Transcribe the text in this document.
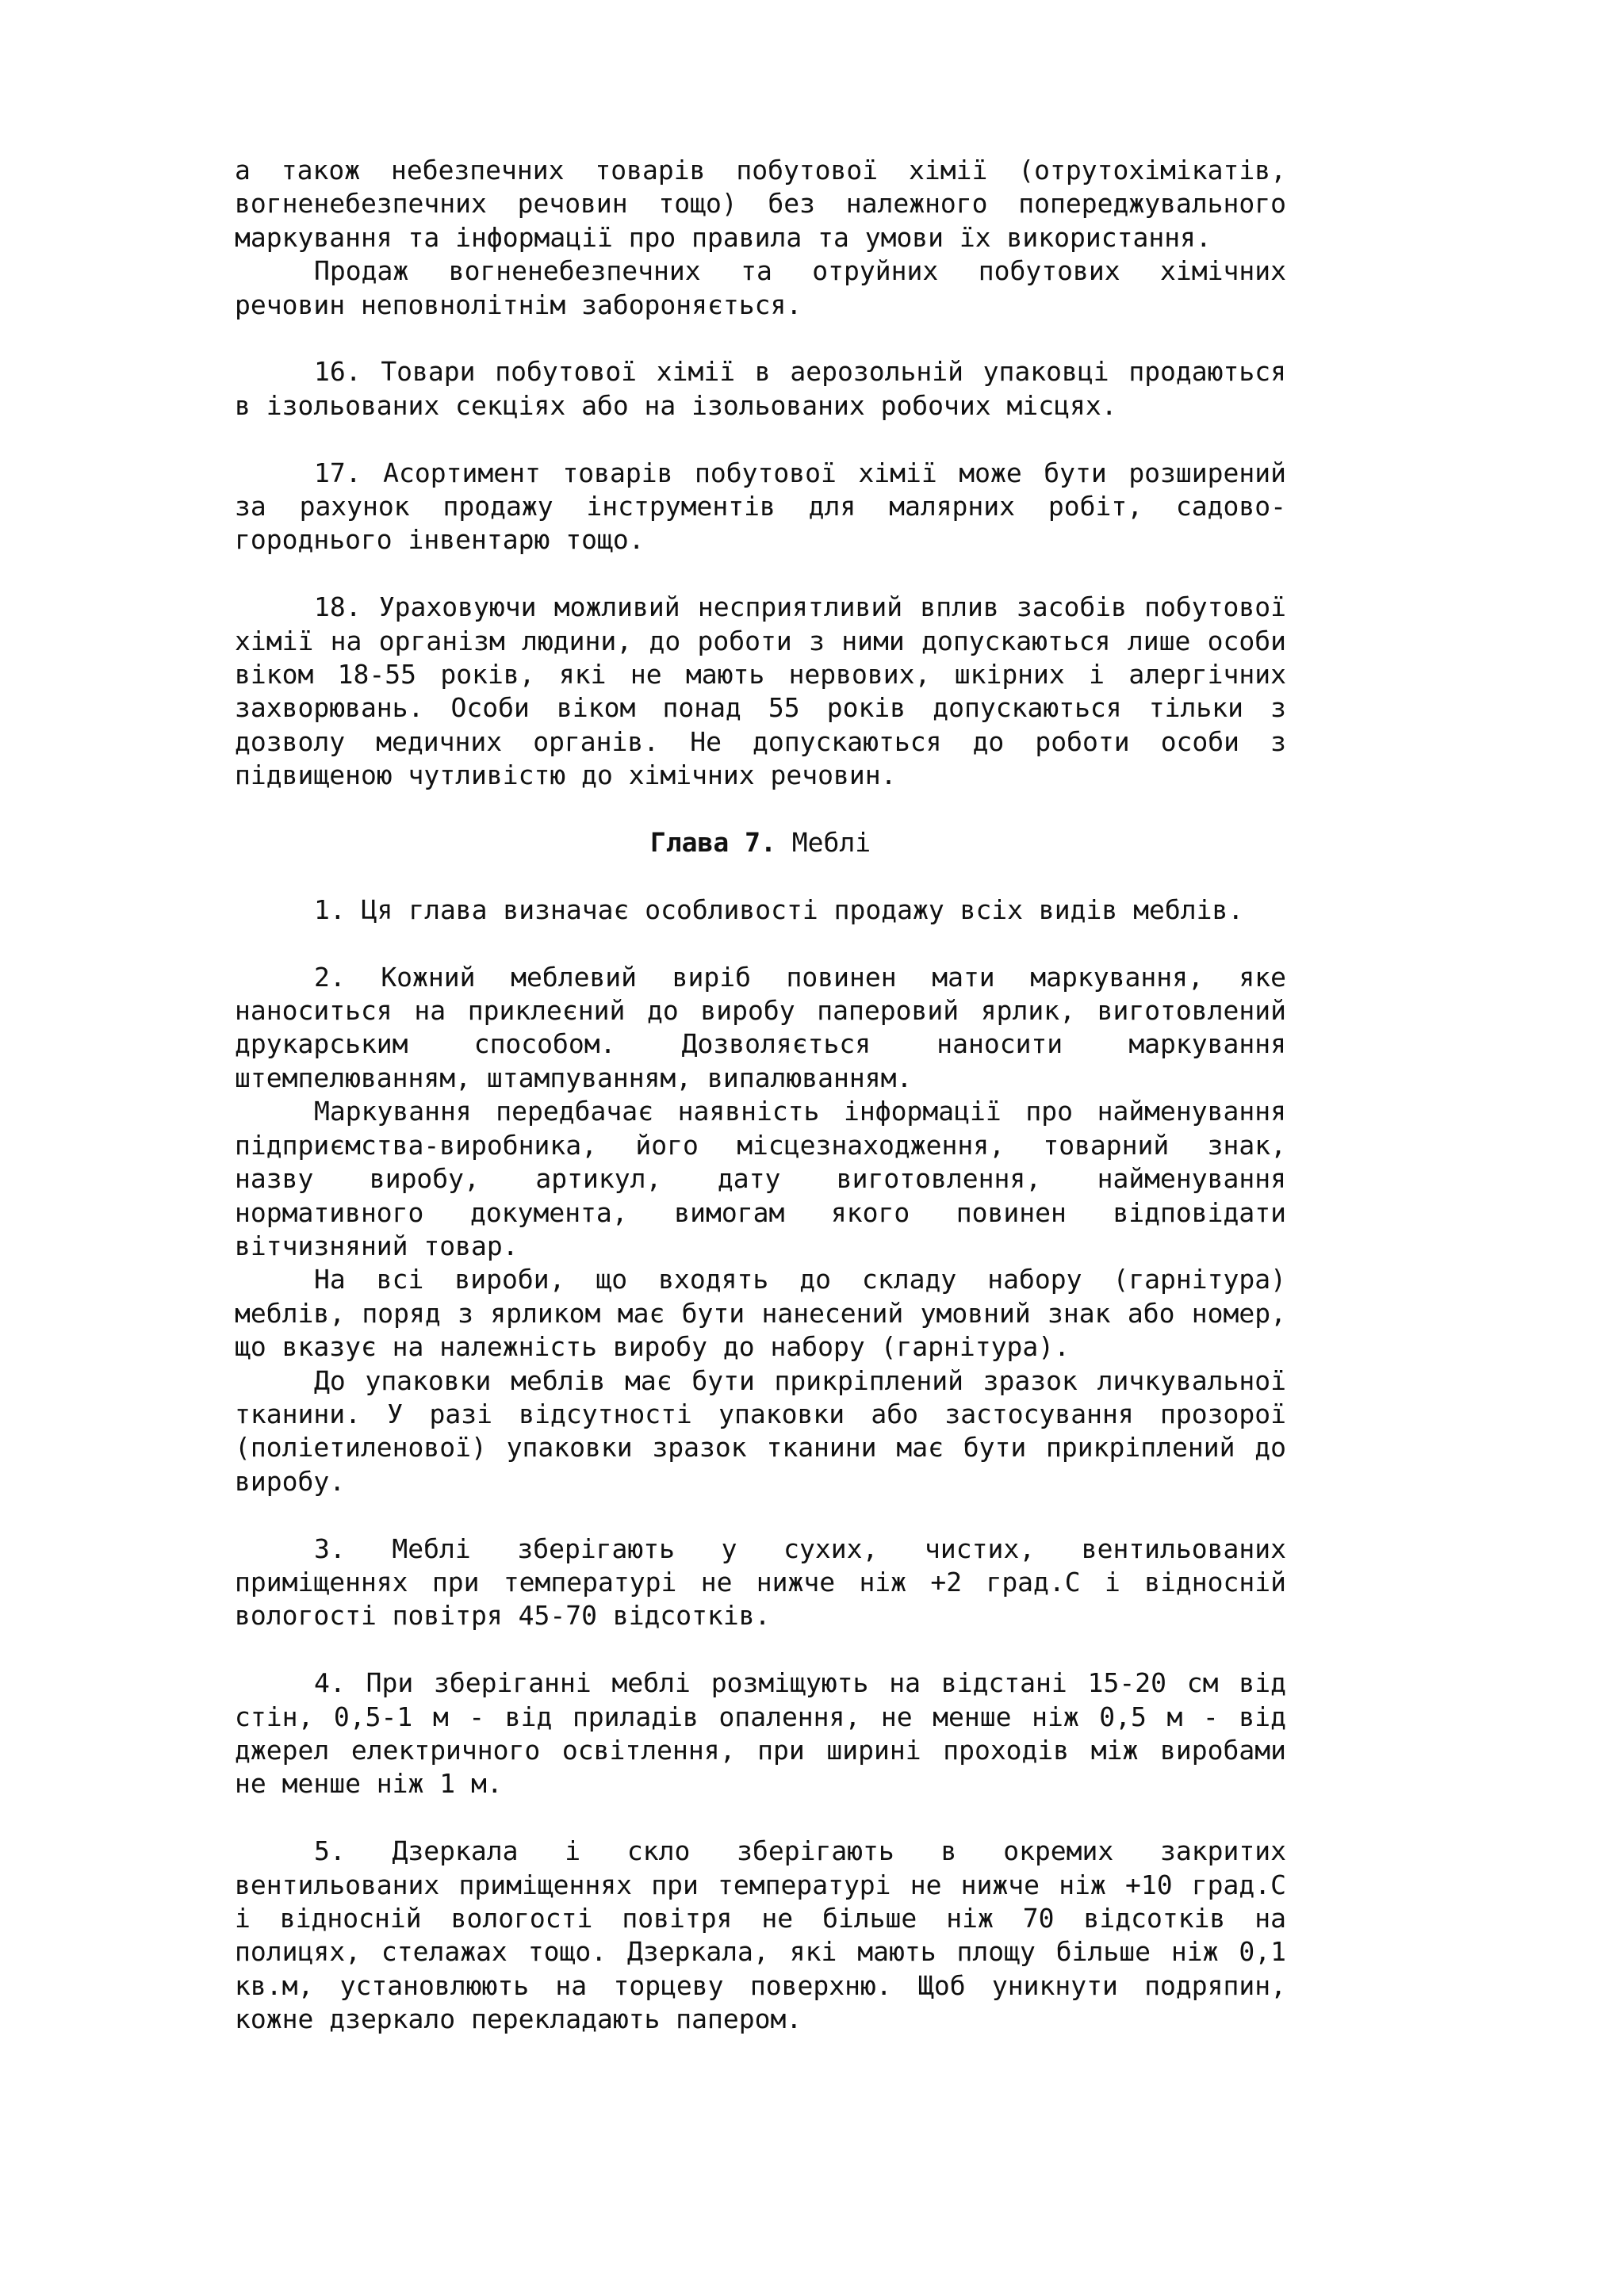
а також небезпечних товарів побутової хімії (отрутохімікатів, вогненебезпечних речовин тощо) без належного попереджувального маркування та інформації про правила та умови їх використання.

Продаж вогненебезпечних та отруйних побутових хімічних речовин неповнолітнім забороняється.

16. Товари побутової хімії в аерозольній упаковці продаються в ізольованих секціях або на ізольованих робочих місцях.

17. Асортимент товарів побутової хімії може бути розширений за рахунок продажу інструментів для малярних робіт, садово-городнього інвентарю тощо.

18. Ураховуючи можливий несприятливий вплив засобів побутової хімії на організм людини, до роботи з ними допускаються лише особи віком 18-55 років, які не мають нервових, шкірних і алергічних захворювань. Особи віком понад 55 років допускаються тільки з дозволу медичних органів. Не допускаються до роботи особи з підвищеною чутливістю до хімічних речовин.

Глава 7. Меблі

1. Ця глава визначає особливості продажу всіх видів меблів.

2. Кожний меблевий виріб повинен мати маркування, яке наноситься на приклеєний до виробу паперовий ярлик, виготовлений друкарським способом. Дозволяється наносити маркування штемпелюванням, штампуванням, випалюванням.

Маркування передбачає наявність інформації про найменування підприємства-виробника, його місцезнаходження, товарний знак, назву виробу, артикул, дату виготовлення, найменування нормативного документа, вимогам якого повинен відповідати вітчизняний товар.

На всі вироби, що входять до складу набору (гарнітура) меблів, поряд з ярликом має бути нанесений умовний знак або номер, що вказує на належність виробу до набору (гарнітура).

До упаковки меблів має бути прикріплений зразок личкувальної тканини. У разі відсутності упаковки або застосування прозорої (поліетиленової) упаковки зразок тканини має бути прикріплений до виробу.

3. Меблі зберігають у сухих, чистих, вентильованих приміщеннях при температурі не нижче ніж +2 град.С і відносній вологості повітря 45-70 відсотків.

4. При зберіганні меблі розміщують на відстані 15-20 см від стін, 0,5-1 м - від приладів опалення, не менше ніж 0,5 м - від джерел електричного освітлення, при ширині проходів між виробами не менше ніж 1 м.

5. Дзеркала і скло зберігають в окремих закритих вентильованих приміщеннях при температурі не нижче ніж +10 град.С і відносній вологості повітря не більше ніж 70 відсотків на полицях, стелажах тощо. Дзеркала, які мають площу більше ніж 0,1 кв.м, установлюють на торцеву поверхню. Щоб уникнути подряпин, кожне дзеркало перекладають папером.
